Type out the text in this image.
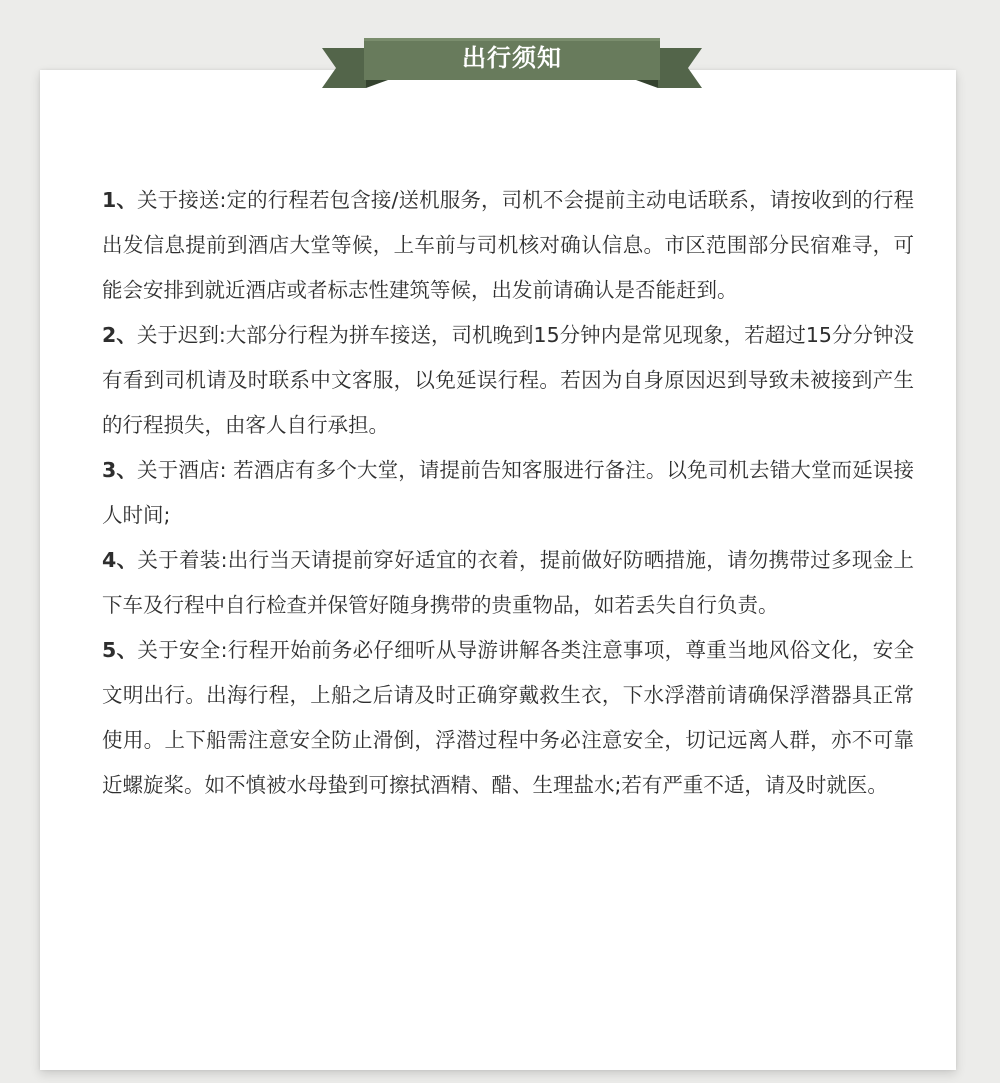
出行须知

1、关于接送:定的行程若包含接/送机服务，司机不会提前主动电话联系，请按收到的行程出发信息提前到酒店大堂等候，上车前与司机核对确认信息。市区范围部分民宿难寻，可能会安排到就近酒店或者标志性建筑等候，出发前请确认是否能赶到。

2、关于迟到:大部分行程为拼车接送，司机晚到15分钟内是常见现象，若超过15分分钟没有看到司机请及时联系中文客服，以免延误行程。若因为自身原因迟到导致未被接到产生的行程损失，由客人自行承担。

3、关于酒店: 若酒店有多个大堂，请提前告知客服进行备注。以免司机去错大堂而延误接人时间;

4、关于着装:出行当天请提前穿好适宜的衣着，提前做好防晒措施，请勿携带过多现金上下车及行程中自行检查并保管好随身携带的贵重物品，如若丢失自行负责。

5、关于安全:行程开始前务必仔细听从导游讲解各类注意事项，尊重当地风俗文化，安全文明出行。出海行程，上船之后请及时正确穿戴救生衣，下水浮潜前请确保浮潜器具正常使用。上下船需注意安全防止滑倒，浮潜过程中务必注意安全，切记远离人群，亦不可靠近螺旋桨。如不慎被水母蛰到可擦拭酒精、醋、生理盐水;若有严重不适，请及时就医。
